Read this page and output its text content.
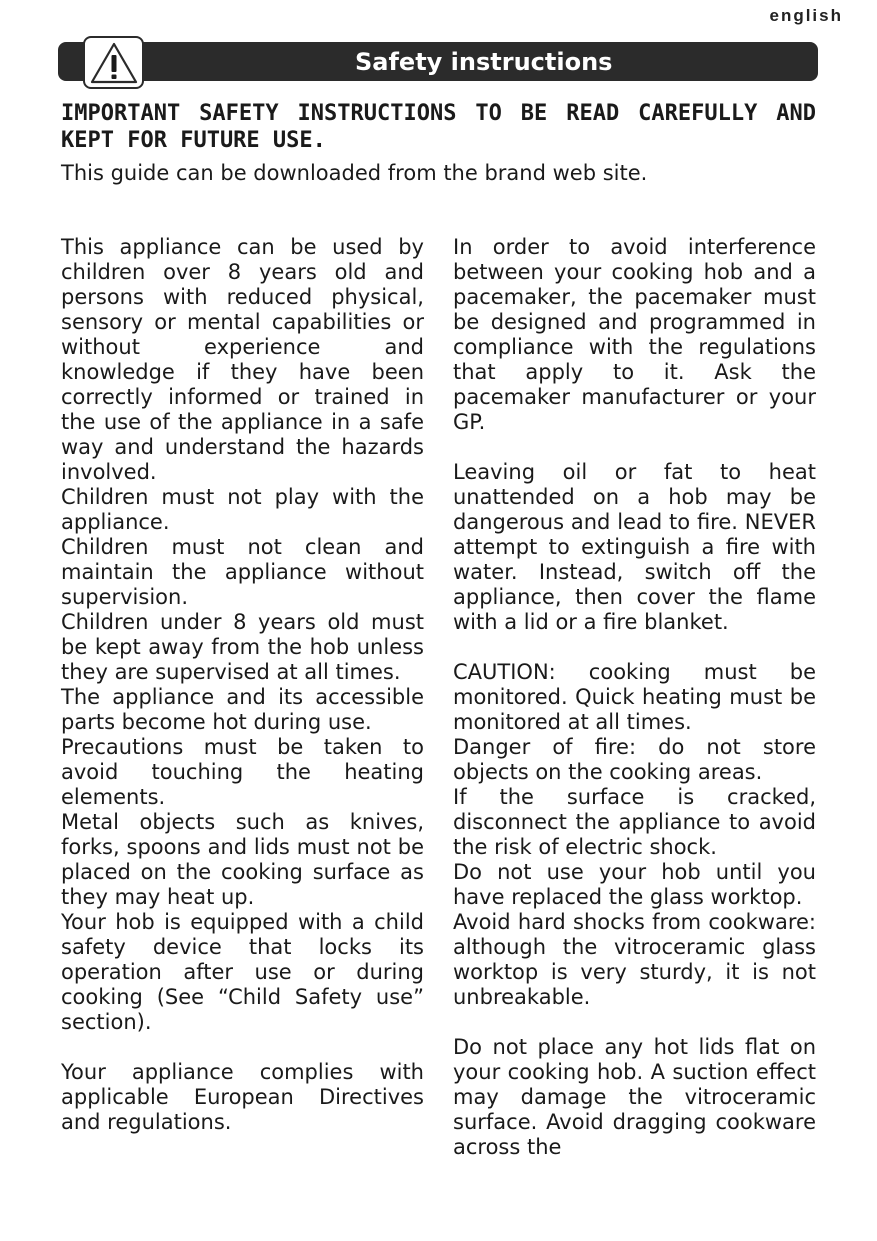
english
Safety instructions

IMPORTANT SAFETY INSTRUCTIONS TO BE READ CAREFULLY AND KEPT FOR FUTURE USE.

This guide can be downloaded from the brand web site.

This appliance can be used by children over 8 years old and persons with reduced physical, sensory or mental capabilities or without experience and knowledge if they have been correctly informed or trained in the use of the appliance in a safe way and understand the hazards involved.

Children must not play with the appliance.

Children must not clean and maintain the appliance without supervision.

Children under 8 years old must be kept away from the hob unless they are supervised at all times.

The appliance and its accessible parts become hot during use.

Precautions must be taken to avoid touching the heating elements.

Metal objects such as knives, forks, spoons and lids must not be placed on the cooking surface as they may heat up.

Your hob is equipped with a child safety device that locks its operation after use or during cooking (See “Child Safety use” section).

Your appliance complies with applicable European Directives and regulations.

In order to avoid interference between your cooking hob and a pacemaker, the pacemaker must be designed and programmed in compliance with the regulations that apply to it. Ask the pacemaker manufacturer or your GP.

Leaving oil or fat to heat unattended on a hob may be dangerous and lead to fire. NEVER attempt to extinguish a fire with water. Instead, switch off the appliance, then cover the flame with a lid or a fire blanket.

CAUTION: cooking must be monitored. Quick heating must be monitored at all times.

Danger of fire: do not store objects on the cooking areas.

If the surface is cracked, disconnect the appliance to avoid the risk of electric shock.

Do not use your hob until you have replaced the glass worktop.

Avoid hard shocks from cookware: although the vitroceramic glass worktop is very sturdy, it is not unbreakable.

Do not place any hot lids flat on your cooking hob. A suction effect may damage the vitroceramic surface. Avoid dragging cookware across the
